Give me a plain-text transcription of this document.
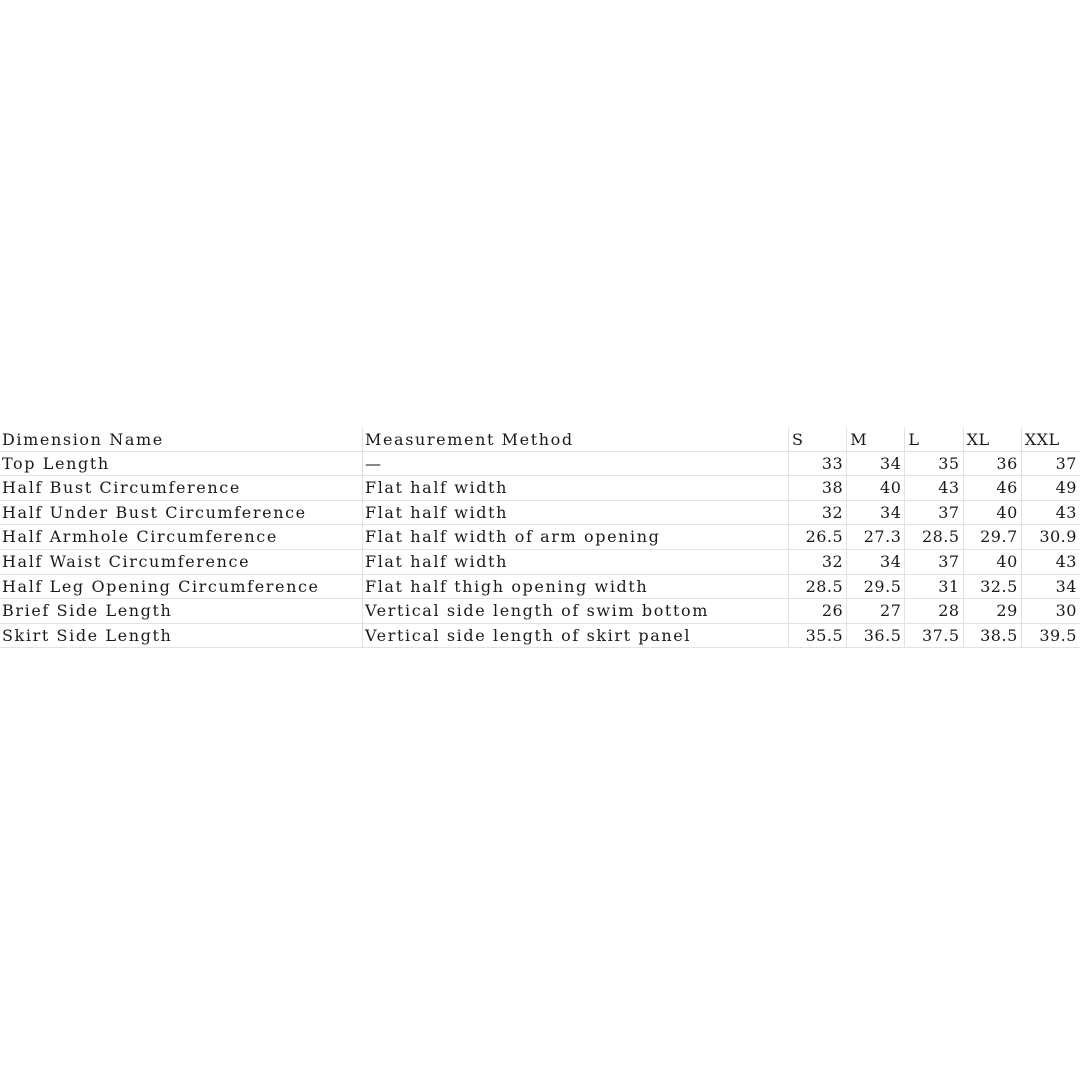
Dimension Name	Measurement Method	S	M	L	XL	XXL
Top Length	—	33	34	35	36	37
Half Bust Circumference	Flat half width	38	40	43	46	49
Half Under Bust Circumference	Flat half width	32	34	37	40	43
Half Armhole Circumference	Flat half width of arm opening	26.5	27.3	28.5	29.7	30.9
Half Waist Circumference	Flat half width	32	34	37	40	43
Half Leg Opening Circumference	Flat half thigh opening width	28.5	29.5	31	32.5	34
Brief Side Length	Vertical side length of swim bottom	26	27	28	29	30
Skirt Side Length	Vertical side length of skirt panel	35.5	36.5	37.5	38.5	39.5
